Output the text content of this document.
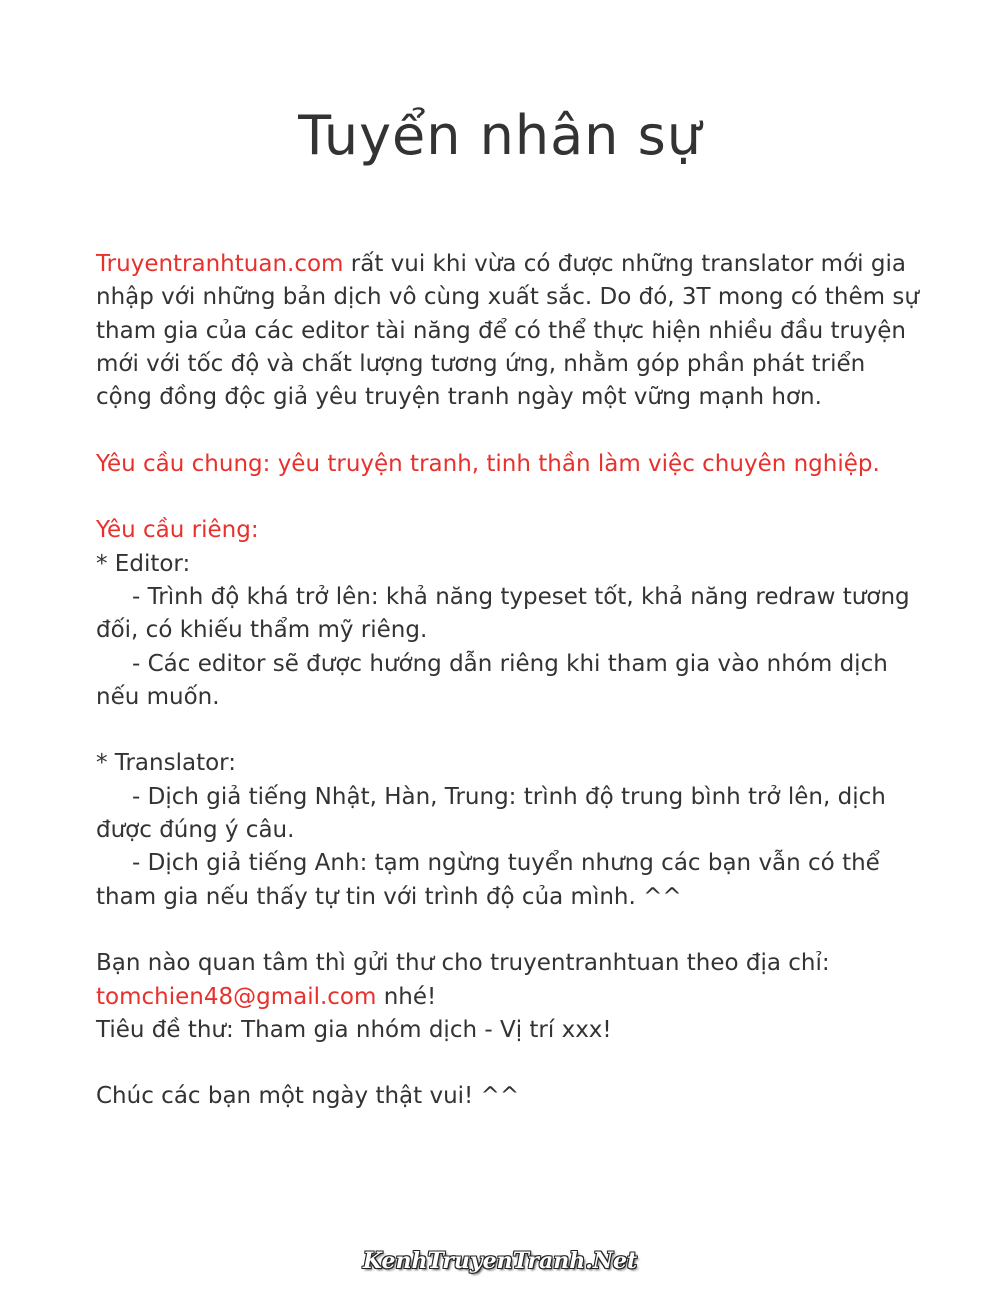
Tuyển nhân sự

Truyentranhtuan.com rất vui khi vừa có được những translator mới gia nhập với những bản dịch vô cùng xuất sắc. Do đó, 3T mong có thêm sự tham gia của các editor tài năng để có thể thực hiện nhiều đầu truyện mới với tốc độ và chất lượng tương ứng, nhằm góp phần phát triển cộng đồng độc giả yêu truyện tranh ngày một vững mạnh hơn.

Yêu cầu chung: yêu truyện tranh, tinh thần làm việc chuyên nghiệp.

Yêu cầu riêng:

* Editor:

- Trình độ khá trở lên: khả năng typeset tốt, khả năng redraw tương đối, có khiếu thẩm mỹ riêng.

- Các editor sẽ được hướng dẫn riêng khi tham gia vào nhóm dịch nếu muốn.

* Translator:

- Dịch giả tiếng Nhật, Hàn, Trung: trình độ trung bình trở lên, dịch được đúng ý câu.

- Dịch giả tiếng Anh: tạm ngừng tuyển nhưng các bạn vẫn có thể tham gia nếu thấy tự tin với trình độ của mình. ^^

Bạn nào quan tâm thì gửi thư cho truyentranhtuan theo địa chỉ:

tomchien48@gmail.com nhé!

Tiêu đề thư: Tham gia nhóm dịch - Vị trí xxx!

Chúc các bạn một ngày thật vui! ^^

KenhTruyenTranh.Net
